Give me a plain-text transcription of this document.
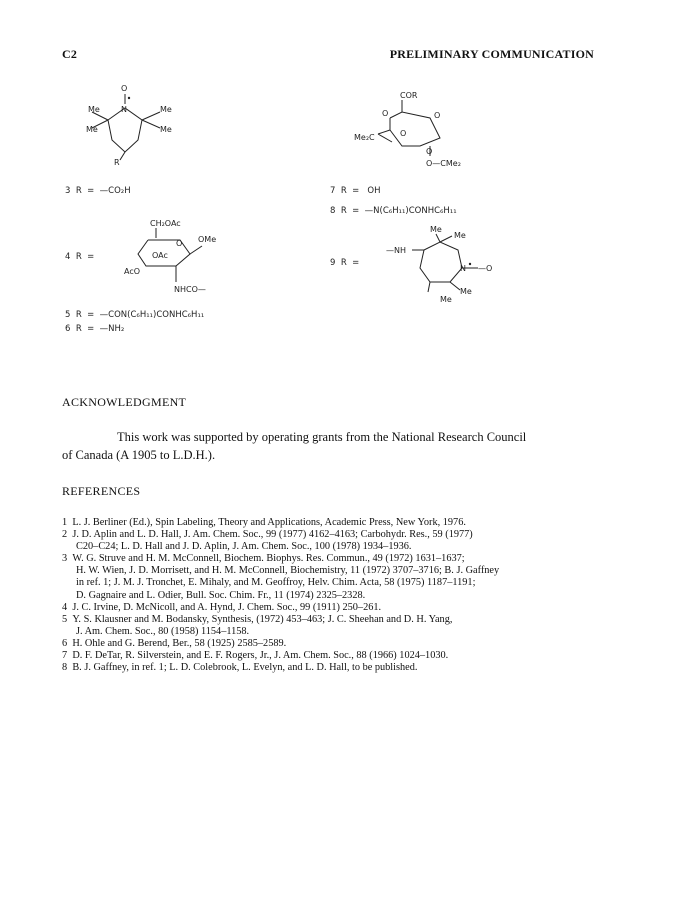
C2	PRELIMINARY COMMUNICATION
O
Me	N	Me
Me	Me
R
COR
O	O
Me₂C	O
O
O—CMe₂
3 R = —CO₂H
4 R =
CH₂OAc
O OMe
OAc
AcO
NHCO—
5 R = —CON(C₆H₁₁)CONHC₆H₁₁
6 R = —NH₂
7 R = OH
8 R = —N(C₆H₁₁)CONHC₆H₁₁
9 R =
Me
Me
—NH
N —O
Me
Me
ACKNOWLEDGMENT
This work was supported by operating grants from the National Research Council
of Canada (A 1905 to L.D.H.).
REFERENCES
1 L. J. Berliner (Ed.), Spin Labeling, Theory and Applications, Academic Press, New York, 1976.
2 J. D. Aplin and L. D. Hall, J. Am. Chem. Soc., 99 (1977) 4162–4163; Carbohydr. Res., 59 (1977)
C20–C24; L. D. Hall and J. D. Aplin, J. Am. Chem. Soc., 100 (1978) 1934–1936.
3 W. G. Struve and H. M. McConnell, Biochem. Biophys. Res. Commun., 49 (1972) 1631–1637;
H. W. Wien, J. D. Morrisett, and H. M. McConnell, Biochemistry, 11 (1972) 3707–3716; B. J. Gaffney
in ref. 1; J. M. J. Tronchet, E. Mihaly, and M. Geoffroy, Helv. Chim. Acta, 58 (1975) 1187–1191;
D. Gagnaire and L. Odier, Bull. Soc. Chim. Fr., 11 (1974) 2325–2328.
4 J. C. Irvine, D. McNicoll, and A. Hynd, J. Chem. Soc., 99 (1911) 250–261.
5 Y. S. Klausner and M. Bodansky, Synthesis, (1972) 453–463; J. C. Sheehan and D. H. Yang,
J. Am. Chem. Soc., 80 (1958) 1154–1158.
6 H. Ohle and G. Berend, Ber., 58 (1925) 2585–2589.
7 D. F. DeTar, R. Silverstein, and E. F. Rogers, Jr., J. Am. Chem. Soc., 88 (1966) 1024–1030.
8 B. J. Gaffney, in ref. 1; L. D. Colebrook, L. Evelyn, and L. D. Hall, to be published.
